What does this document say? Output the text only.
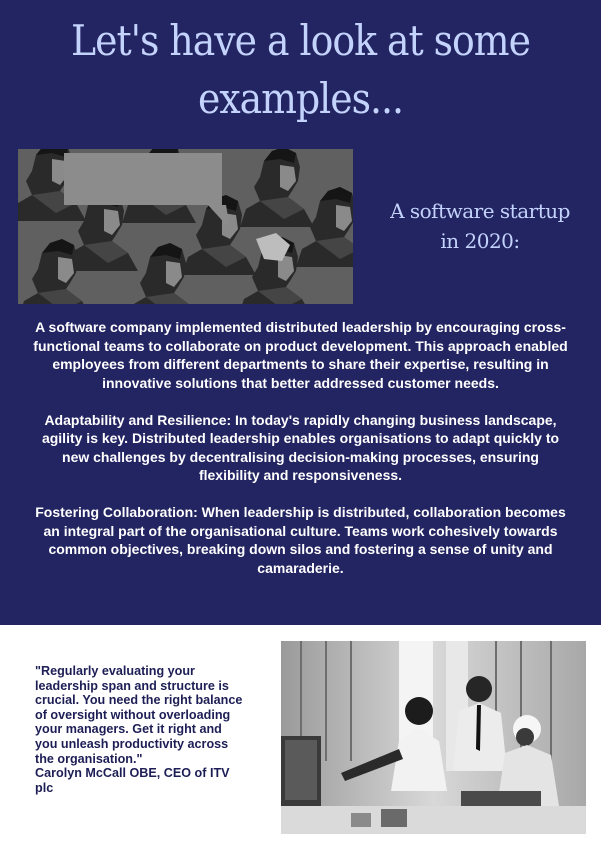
Let's have a look at some
examples...
A software startup
in 2020:

A software company implemented distributed leadership by encouraging cross-functional teams to collaborate on product development. This approach enabled employees from different departments to share their expertise, resulting in innovative solutions that better addressed customer needs.

Adaptability and Resilience: In today's rapidly changing business landscape, agility is key. Distributed leadership enables organisations to adapt quickly to new challenges by decentralising decision-making processes, ensuring flexibility and responsiveness.

Fostering Collaboration: When leadership is distributed, collaboration becomes an integral part of the organisational culture. Teams work cohesively towards common objectives, breaking down silos and fostering a sense of unity and camaraderie.

"Regularly evaluating your leadership span and structure is crucial. You need the right balance of oversight without overloading your managers. Get it right and you unleash productivity across the organisation."

Carolyn McCall OBE, CEO of ITV plc
